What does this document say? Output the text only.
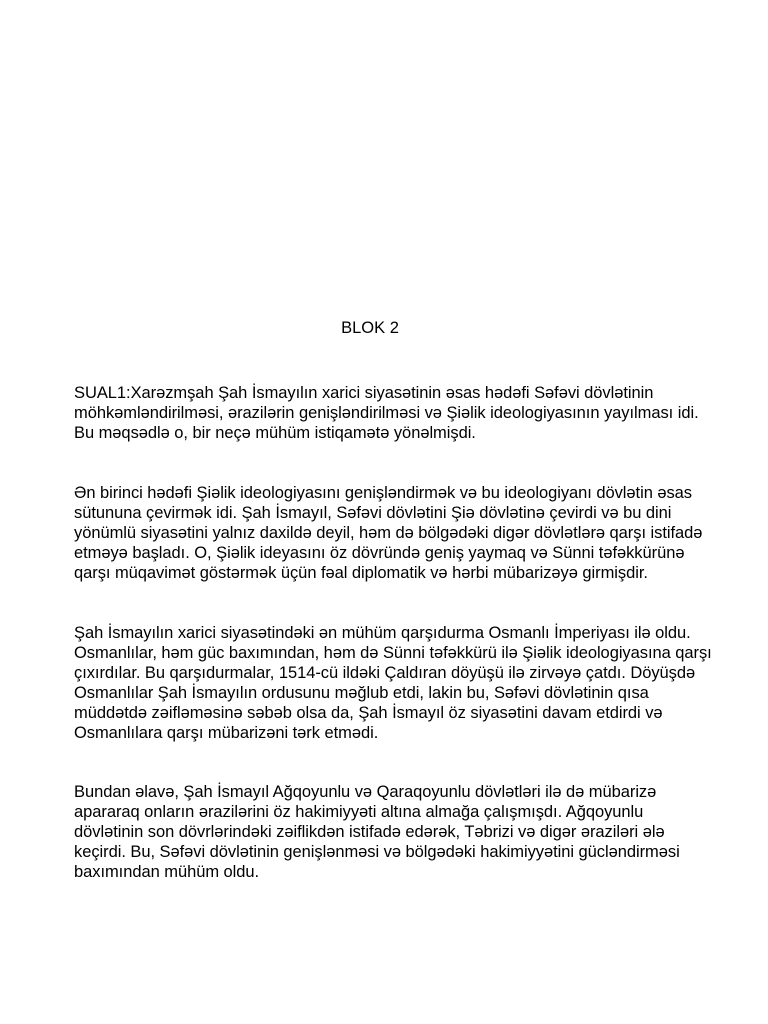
BLOK 2

SUAL1:Xarəzmşah Şah İsmayılın xarici siyasətinin əsas hədəfi Səfəvi dövlətinin möhkəmləndirilməsi, ərazilərin genişləndirilməsi və Şiəlik ideologiyasının yayılması idi. Bu məqsədlə o, bir neçə mühüm istiqamətə yönəlmişdi.

Ən birinci hədəfi Şiəlik ideologiyasını genişləndirmək və bu ideologiyanı dövlətin əsas sütununa çevirmək idi. Şah İsmayıl, Səfəvi dövlətini Şiə dövlətinə çevirdi və bu dini yönümlü siyasətini yalnız daxildə deyil, həm də bölgədəki digər dövlətlərə qarşı istifadə etməyə başladı. O, Şiəlik ideyasını öz dövründə geniş yaymaq və Sünni təfəkkürünə qarşı müqavimət göstərmək üçün fəal diplomatik və hərbi mübarizəyə girmişdir.

Şah İsmayılın xarici siyasətindəki ən mühüm qarşıdurma Osmanlı İmperiyası ilə oldu. Osmanlılar, həm güc baxımından, həm də Sünni təfəkkürü ilə Şiəlik ideologiyasına qarşı çıxırdılar. Bu qarşıdurmalar, 1514-cü ildəki Çaldıran döyüşü ilə zirvəyə çatdı. Döyüşdə Osmanlılar Şah İsmayılın ordusunu məğlub etdi, lakin bu, Səfəvi dövlətinin qısa müddətdə zəifləməsinə səbəb olsa da, Şah İsmayıl öz siyasətini davam etdirdi və Osmanlılara qarşı mübarizəni tərk etmədi.

Bundan əlavə, Şah İsmayıl Ağqoyunlu və Qaraqoyunlu dövlətləri ilə də mübarizə apararaq onların ərazilərini öz hakimiyyəti altına almağa çalışmışdı. Ağqoyunlu dövlətinin son dövrlərindəki zəiflikdən istifadə edərək, Təbrizi və digər əraziləri ələ keçirdi. Bu, Səfəvi dövlətinin genişlənməsi və bölgədəki hakimiyyətini gücləndirməsi baxımından mühüm oldu.
